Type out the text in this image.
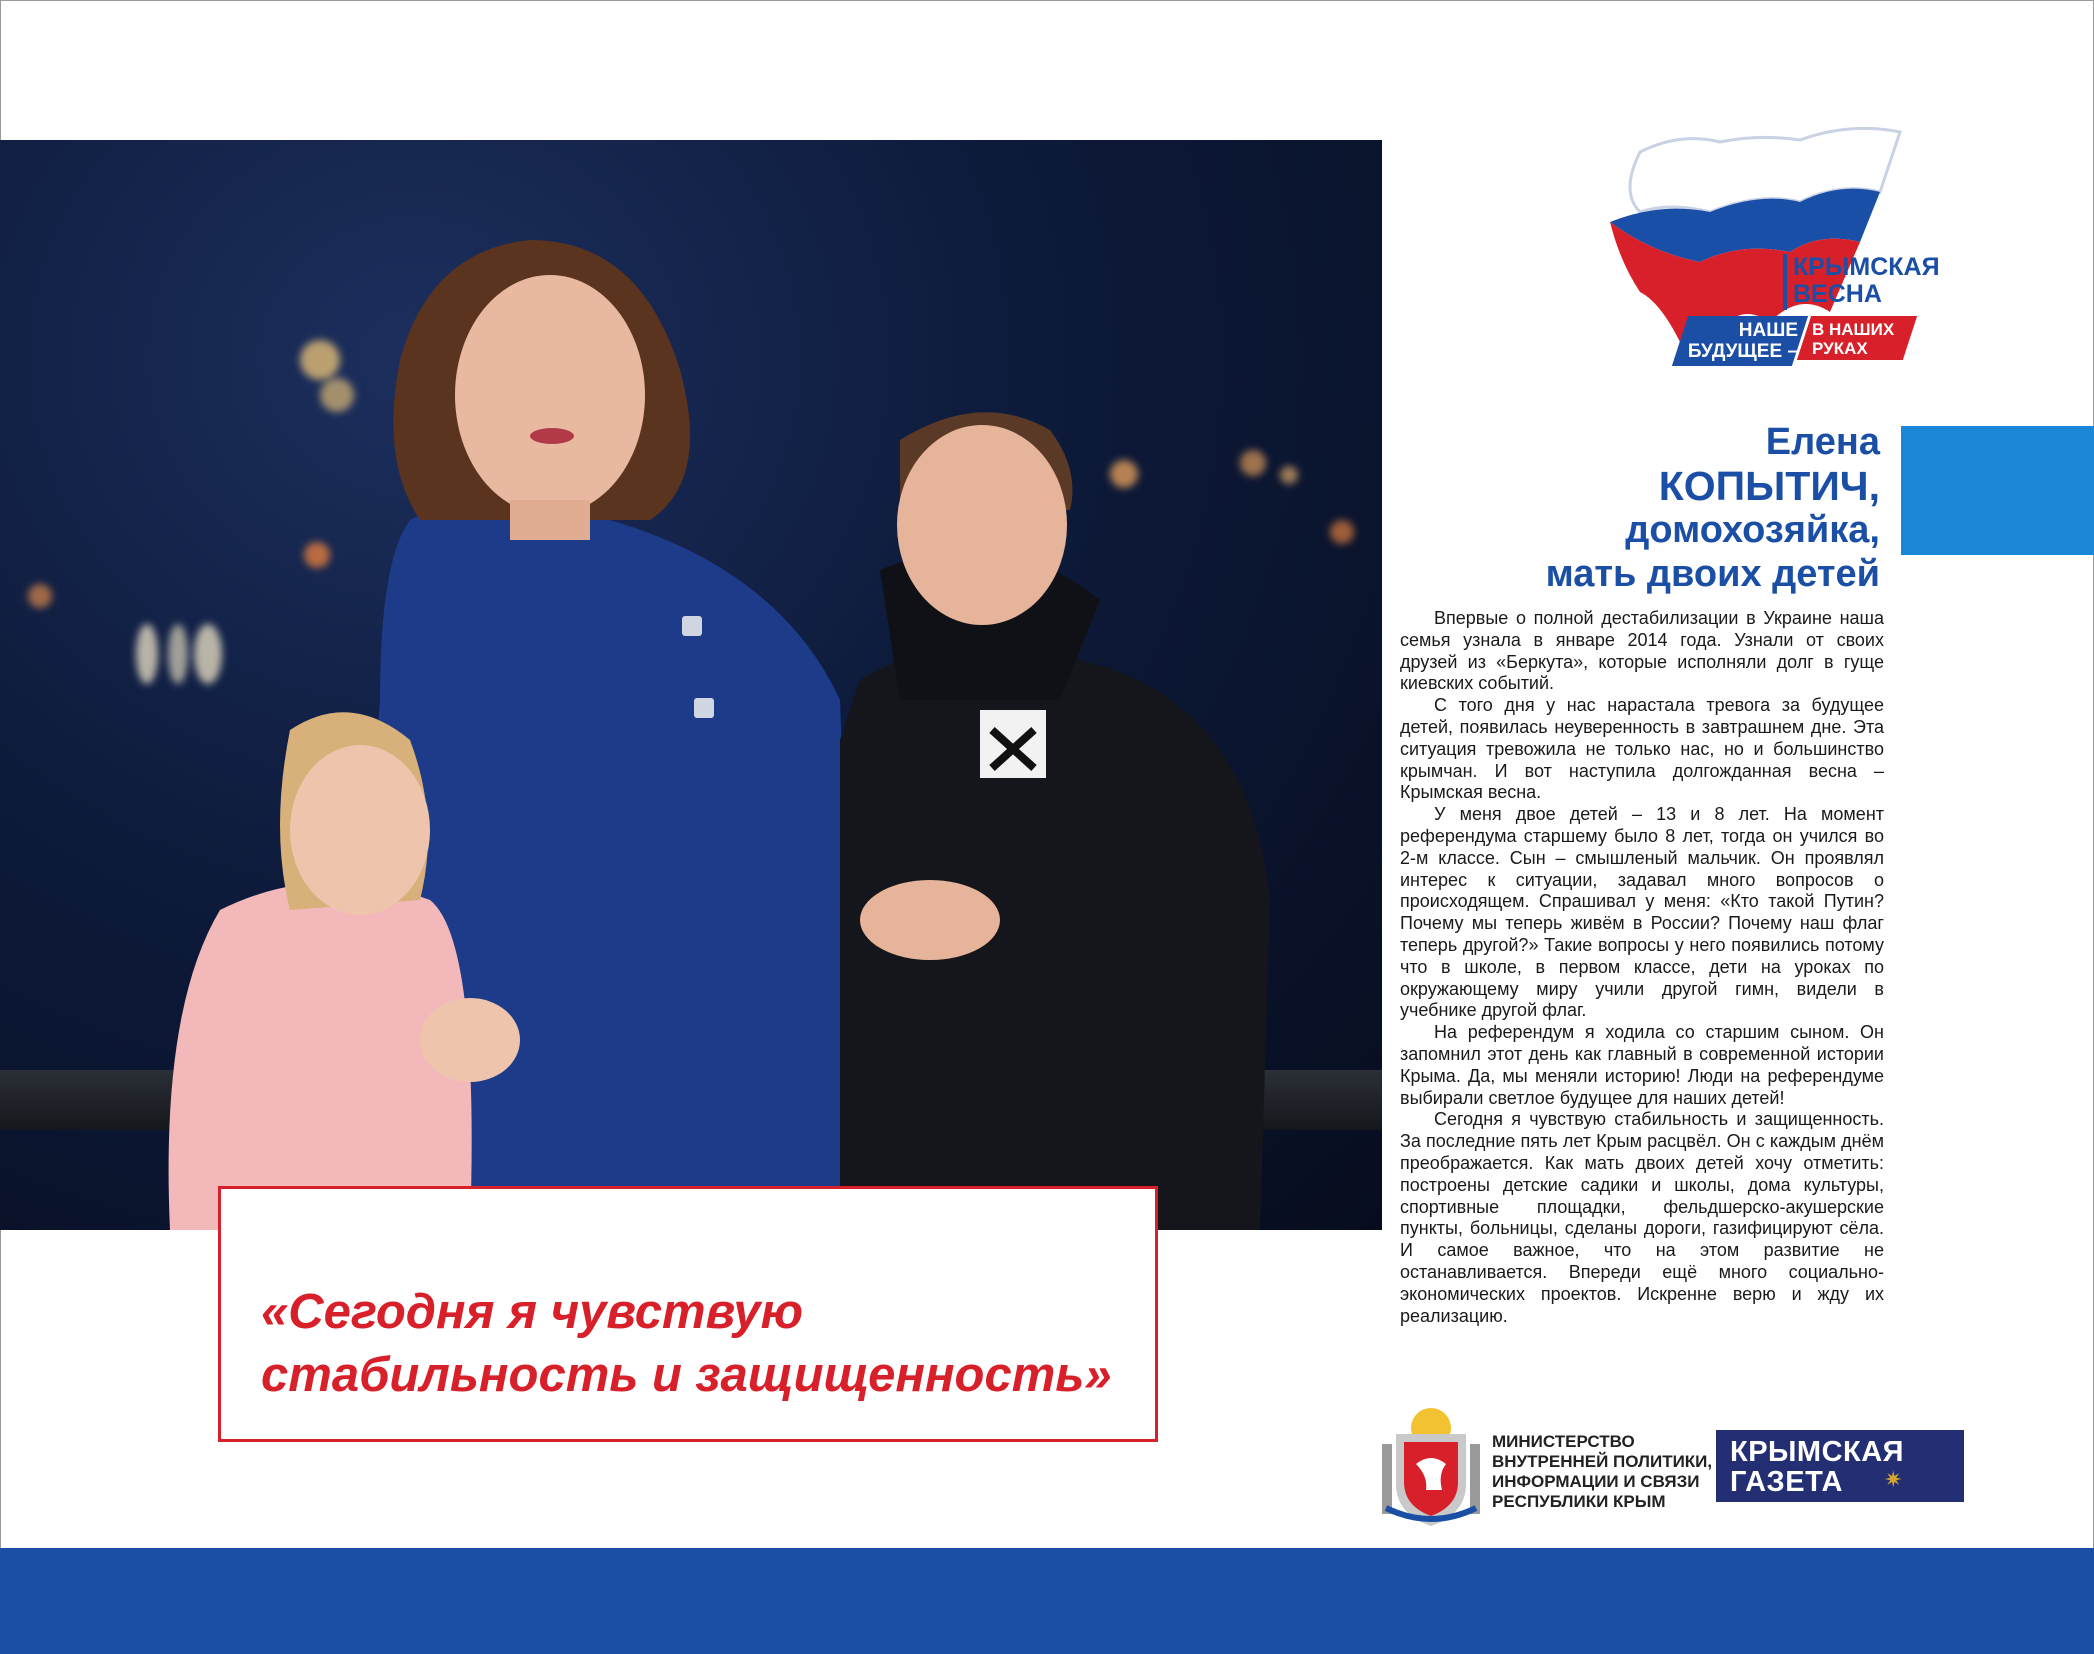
«Сегодня я чувствую
стабильность и защищенность»
КРЫМСКАЯ
ВЕСНА
НАШЕ
БУДУЩЕЕ –
В НАШИХ
РУКАХ
Елена
КОПЫТИЧ,
домохозяйка,
мать двоих детей

Впервые о полной дестабилизации в Украине наша семья узнала в январе 2014 года. Узнали от своих друзей из «Беркута», которые исполняли долг в гуще киевских событий.

С того дня у нас нарастала тревога за будущее детей, появилась неуверенность в завтрашнем дне. Эта ситуация тревожила не только нас, но и большинство крымчан. И вот наступила долгожданная весна – Крымская весна.

У меня двое детей – 13 и 8 лет. На момент референдума старшему было 8 лет, тогда он учился во 2-м классе. Сын – смышленый мальчик. Он проявлял интерес к ситуации, задавал много вопросов о происходящем. Спрашивал у меня: «Кто такой Путин? Почему мы теперь живём в России? Почему наш флаг теперь другой?» Такие вопросы у него появились потому что в школе, в первом классе, дети на уроках по окружающему миру учили другой гимн, видели в учебнике другой флаг.

На референдум я ходила со старшим сыном. Он запомнил этот день как главный в современной истории Крыма. Да, мы меняли историю! Люди на референдуме выбирали светлое будущее для наших детей!

Сегодня я чувствую стабильность и защищенность. За последние пять лет Крым расцвёл. Он с каждым днём преображается. Как мать двоих детей хочу отметить: построены детские садики и школы, дома культуры, спортивные площадки, фельдшерско-акушерские пункты, больницы, сделаны дороги, газифицируют сёла. И самое важное, что на этом развитие не останавливается. Впереди ещё много социально-экономических проектов. Искренне верю и жду их реализацию.

МИНИСТЕРСТВО
ВНУТРЕННЕЙ ПОЛИТИКИ,
ИНФОРМАЦИИ И СВЯЗИ
РЕСПУБЛИКИ КРЫМ
КРЫМСКАЯ
ГАЗЕТА	✷
